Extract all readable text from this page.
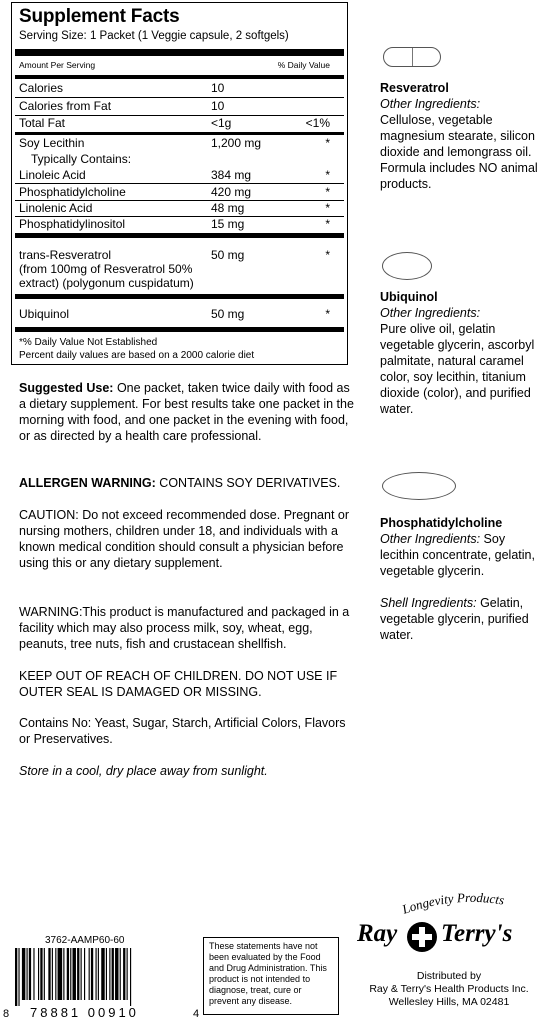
Supplement Facts
Serving Size: 1 Packet (1 Veggie capsule, 2 softgels)
Amount Per Serving	% Daily Value
Calories	10
Calories from Fat	10
Total Fat	<1g	<1%
Soy Lecithin	1,200 mg	*
Typically Contains:
Linoleic Acid	384 mg	*
Phosphatidylcholine	420 mg	*
Linolenic Acid	48 mg	*
Phosphatidylinositol	15 mg	*
trans-Resveratrol	50 mg	*
(from 100mg of Resveratrol 50%
extract) (polygonum cuspidatum)
Ubiquinol	50 mg	*
*% Daily Value Not Established
Percent daily values are based on a 2000 calorie diet
Suggested Use: One packet, taken twice daily with food as a dietary supplement. For best results take one packet in the morning with food, and one packet in the evening with food, or as directed by a health care professional.
ALLERGEN WARNING: CONTAINS SOY DERIVATIVES.
CAUTION: Do not exceed recommended dose. Pregnant or nursing mothers, children under 18, and individuals with a known medical condition should consult a physician before using this or any dietary supplement.
WARNING:This product is manufactured and packaged in a facility which may also process milk, soy, wheat, egg, peanuts, tree nuts, fish and crustacean shellfish.
KEEP OUT OF REACH OF CHILDREN. DO NOT USE IF OUTER SEAL IS DAMAGED OR MISSING.
Contains No: Yeast, Sugar, Starch, Artificial Colors, Flavors or Preservatives.
Store in a cool, dry place away from sunlight.
Resveratrol
Other Ingredients:
Cellulose, vegetable magnesium stearate, silicon dioxide and lemongrass oil. Formula includes NO animal products.
Ubiquinol
Other Ingredients:
Pure olive oil, gelatin vegetable glycerin, ascorbyl palmitate, natural caramel color, soy lecithin, titanium dioxide (color), and purified water.
Phosphatidylcholine
Other Ingredients: Soy lecithin concentrate, gelatin, vegetable glycerin.
Shell Ingredients: Gelatin, vegetable glycerin, purified water.
3762-AAMP60-60
8 78881 00910	4
These statements have not been evaluated by the Food and Drug Administration. This product is not intended to diagnose, treat, cure or prevent any disease.
Longevity Products
Ray Terry's
Distributed by
Ray & Terry's Health Products Inc.
Wellesley Hills, MA 02481
